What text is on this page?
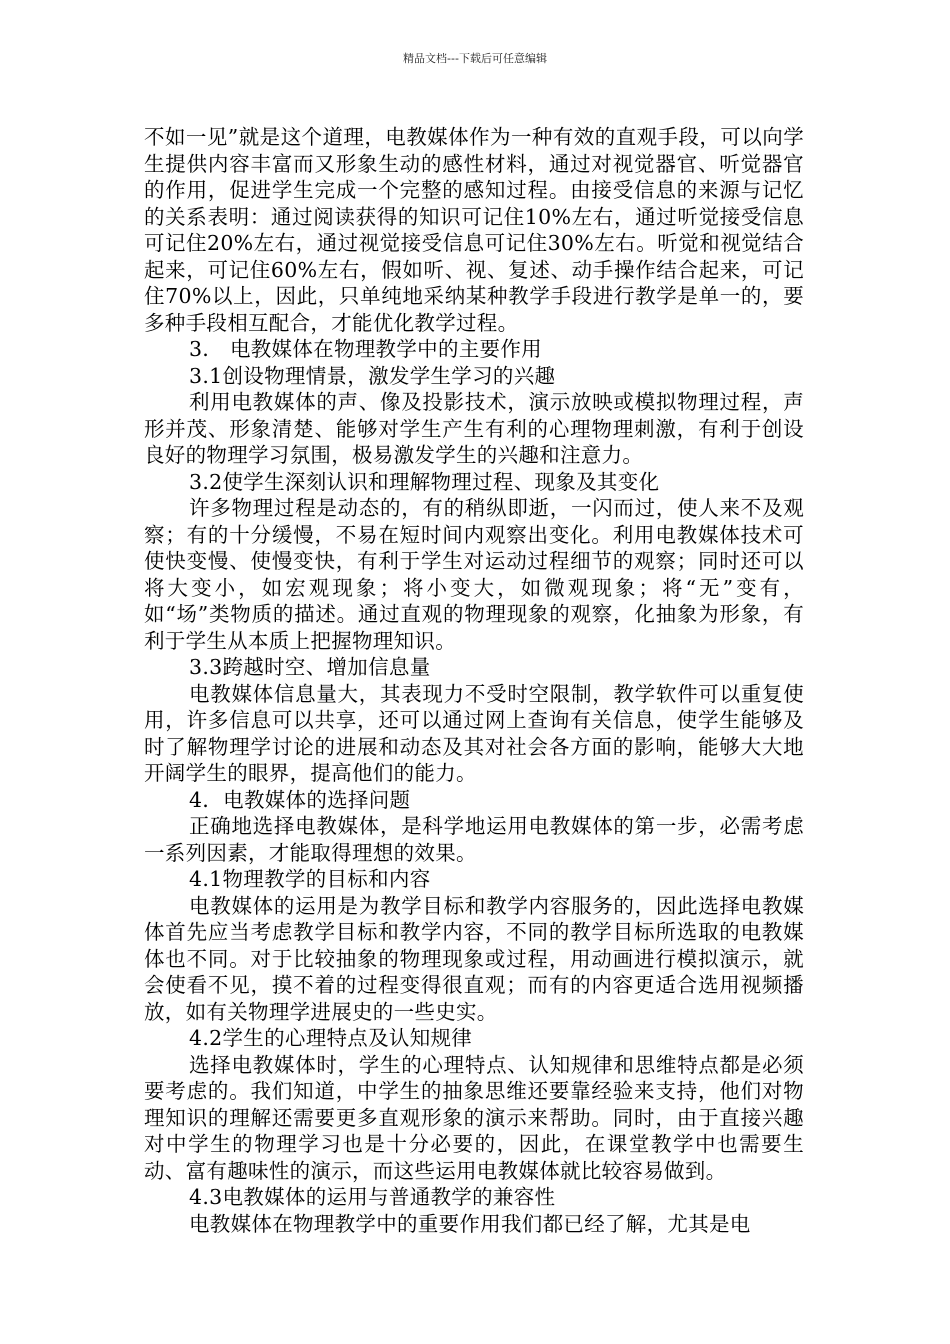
精品文档---下载后可任意编辑

不如一见”就是这个道理，电教媒体作为一种有效的直观手段，可以向学生提供内容丰富而又形象生动的感性材料，通过对视觉器官、听觉器官的作用，促进学生完成一个完整的感知过程。由接受信息的来源与记忆的关系表明：通过阅读获得的知识可记住10%左右，通过听觉接受信息可记住20%左右，通过视觉接受信息可记住30%左右。听觉和视觉结合起来，可记住60%左右，假如听、视、复述、动手操作结合起来，可记住70%以上，因此，只单纯地采纳某种教学手段进行教学是单一的，要多种手段相互配合，才能优化教学过程。

3． 电教媒体在物理教学中的主要作用

3.1创设物理情景，激发学生学习的兴趣

利用电教媒体的声、像及投影技术，演示放映或模拟物理过程，声形并茂、形象清楚、能够对学生产生有利的心理物理刺激，有利于创设良好的物理学习氛围，极易激发学生的兴趣和注意力。

3.2使学生深刻认识和理解物理过程、现象及其变化

许多物理过程是动态的，有的稍纵即逝，一闪而过，使人来不及观察；有的十分缓慢，不易在短时间内观察出变化。利用电教媒体技术可使快变慢、使慢变快，有利于学生对运动过程细节的观察；同时还可以将大变小，如宏观现象；将小变大，如微观现象；将“无”变有，如“场”类物质的描述。通过直观的物理现象的观察，化抽象为形象，有利于学生从本质上把握物理知识。

3.3跨越时空、增加信息量

电教媒体信息量大，其表现力不受时空限制，教学软件可以重复使用，许多信息可以共享，还可以通过网上查询有关信息，使学生能够及时了解物理学讨论的进展和动态及其对社会各方面的影响，能够大大地开阔学生的眼界，提高他们的能力。

4．电教媒体的选择问题

正确地选择电教媒体，是科学地运用电教媒体的第一步，必需考虑一系列因素，才能取得理想的效果。

4.1物理教学的目标和内容

电教媒体的运用是为教学目标和教学内容服务的，因此选择电教媒体首先应当考虑教学目标和教学内容，不同的教学目标所选取的电教媒体也不同。对于比较抽象的物理现象或过程，用动画进行模拟演示，就会使看不见，摸不着的过程变得很直观；而有的内容更适合选用视频播放，如有关物理学进展史的一些史实。

4.2学生的心理特点及认知规律

选择电教媒体时，学生的心理特点、认知规律和思维特点都是必须要考虑的。我们知道，中学生的抽象思维还要靠经验来支持，他们对物理知识的理解还需要更多直观形象的演示来帮助。同时，由于直接兴趣对中学生的物理学习也是十分必要的，因此，在课堂教学中也需要生动、富有趣味性的演示，而这些运用电教媒体就比较容易做到。

4.3电教媒体的运用与普通教学的兼容性

电教媒体在物理教学中的重要作用我们都已经了解，尤其是电
